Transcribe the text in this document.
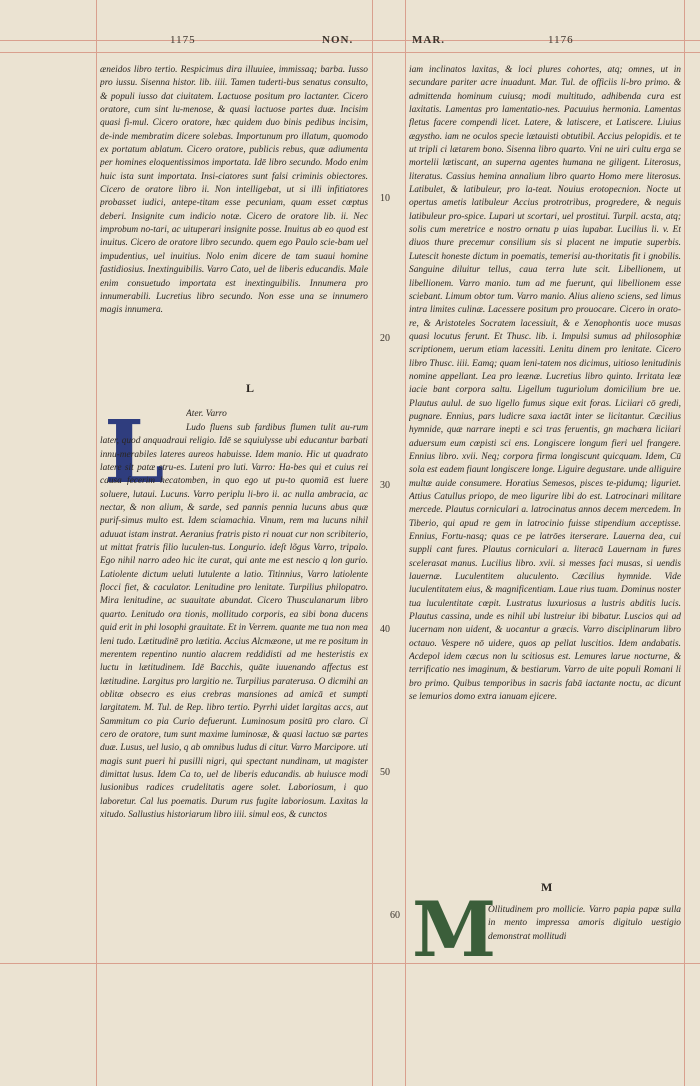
1175	NON.	MAR.	1176
10
20
30
40
50
60

æneidos libro tertio. Respicimus dira illuuiee, immissaq; barba. Iusso pro iussu. Sisenna histor. lib. iiii. Tamen tuderti-bus senatus consulto, & populi iusso dat ciuitatem. Lactuose positum pro lactanter. Cicero oratore, cum sint lu-menose, & quasi lactuose partes duæ. Incisim quasi fi-mul. Cicero oratore, hæc quidem duo binis pedibus incisim, de-inde membratim dicere solebas. Importunum pro illatum, quomodo ex portatum ablatum. Cicero oratore, publicis rebus, quæ adiumenta per homines eloquentissimos importata. Idē libro secundo. Modo enim huic ista sunt importata. Insi-ciatores sunt falsi criminis obiectores. Cicero de oratore libro ii. Non intelligebat, ut si illi infitiatores probasset iudici, antepe-titam esse pecuniam, quam esset cœptus deberi. Insignite cum indicio notæ. Cicero de oratore lib. ii. Nec improbum no-tari, ac uituperari insignite posse. Inuitus ab eo quod est inuitus. Cicero de oratore libro secundo. quem ego Paulo scie-bam uel impudentius, uel inuitius. Nolo enim dicere de tam suaui homine fastidiosius. Inextinguibilis. Varro Cato, uel de liberis educandis. Male enim consuetudo importata est inextinguibilis. Innumera pro innumerabili. Lucretius libro secundo. Non esse una se innumero magis innumera.

L
L Ater. Varro

Ludo fluens sub fardibus flumen tulit au-rum later, quod anquadraui religio. Idē se squiulysse ubi educantur barbati innu-merabiles lateres aureos habuisse. Idem manio. Hic ut quadrato latere sit patæ stru-es. Luteni pro luti. Varro: Ha-bes qui et cuius rei causa fecerim hecatomben, in quo ego ut pu-to quomiā est luere soluere, lutaui. Lucuns. Varro periplu li-bro ii. ac nulla ambracia, ac nectar, & non alium, & sarde, sed pannis pennia lucuns abus quæ purif-simus multo est. Idem sciamachia. Vinum, rem ma lucuns nihil aduuat istam instrat. Aeranius fratris pisto ri nouat cur non scribiterio, ut mittat fratris filio luculen-tus. Longurio. ideſt lõgus Varro, tripalo. Ego nihil narro adeo hic ite curat, qui ante me est nescio q lon gurio. Latiolente dictum ueluti lutulente a latio. Titinnius, Varro latiolente flocci fiet, & caculator. Lenitudine pro lenitate. Turpilius philopatro. Mira lenitudine, ac suauitate abundat. Cicero Thusculanarum libro quarto. Lenitudo ora tionis, mollitudo corporis, ea sibi bona ducens quid erit in phi losophi grauitate. Et in Verrem. quante me tua non mea leni tudo. Lætitudinē pro lætitia. Accius Alcmæone, ut me re positum in merentem repentino nuntio alacrem reddidisti ad me hesteristis ex luctu in lætitudinem. Idē Bacchis, quāte iuuenando affectus est lætitudine. Largitus pro largitio ne. Turpilius paraterusa. O dicmihi an oblitæ obsecro es eius crebras mansiones ad amicā et sumpti largitatem. M. Tul. de Rep. libro tertio. Pyrrhi uidet largitas accs, aut Sammitum co pia Curio defuerunt. Luminosum positū pro claro. Ci cero de oratore, tum sunt maxime luminosæ, & quasi lactuo sæ partes duæ. Lusus, uel lusio, q ab omnibus ludus di citur. Varro Marcipore. uti magis sunt pueri hi pusilli nigri, qui spectant nundinam, ut magister dimittat lusus. Idem Ca to, uel de liberis educandis. ab huiusce modi lusionibus radices crudelitatis agere solet. Laboriosum, i quo laboretur. Cal lus poematis. Durum rus fugite laboriosum. Laxitas la xitudo. Sallustius historiarum libro iiii. simul eos, & cunctos

iam inclinatos laxitas, & loci plures cohortes, atq; omnes, ut in secundare pariter acre inuadunt. Mar. Tul. de officiis li-bro primo. & admittenda hominum cuiusq; modi multitudo, adhibenda cura est laxitatis. Lamentas pro lamentatio-nes. Pacuuius hermonia. Lamentas fletus facere compendi licet. Latere, & latiscere, et Latiscere. Liuius ægystho. iam ne oculos specie lætauisti obtutibil. Accius pelopidis. et te ut tripli ci lætarem bono. Sisenna libro quarto. Vni ne uiri cultu erga se mortelii lætiscant, an superna agentes humana ne giligent. Literosus, literatus. Cassius hemina annalium libro quarto Homo mere literosus. Latibulet, & latibuleur, pro la-teat. Nouius erotopecnion. Nocte ut opertus ametis latibuleur Accius protrotribus, progredere, & neguis latibuleur pro-spice. Lupari ut scortari, uel prostitui. Turpil. acsta, atq; solis cum meretrice e nostro ornatu p uias lupabar. Lucilius li. v. Et diuos thure precemur consilium sis si placent ne imputie superbis. Lutescit honeste dictum in poematis, temerisi au-thoritatis fit i gnobilis. Sanguine diluitur tellus, caua terra lute scit. Libellionem, ut libellionem. Varro manio. tum ad me fuerunt, qui libellionem esse sciebant. Limum obtor tum. Varro manio. Alius alieno sciens, sed limus intra limites culinæ. Lacessere positum pro prouocare. Cicero in orato-re, & Aristoteles Socratem lacessiuit, & e Xenophontis uoce musas quasi locutus ferunt. Et Thusc. lib. i. Impulsi sumus ad philosophiæ scriptionem, uerum etiam lacessiti. Lenitu dinem pro lenitate. Cicero libro Thusc. iiii. Eamq; quam leni-tatem nos dicimus, uitioso lenitudinis nomine appellant. Lea pro leænæ. Lucretius libro quinto. Irritata leæ iacie bant corpora saltu. Ligellum tuguriolum domicilium bre ue. Plautus aulul. de suo ligello fumus sique exit foras. Liciiari cō gredi, pugnare. Ennius, pars ludicre saxa iactāt inter se licitantur. Cæcilius hymnide, quæ narrare inepti e sci tras feruentis, gn machæra liciiari aduersum eum cœpisti sci ens. Longiscere longum fieri uel frangere. Ennius libro. xvii. Neq; corpora firma longiscunt quicquam. Idem, Cū sola est eadem fiaunt longiscere longe. Liguire degustare. unde alliguire multæ auide consumere. Horatius Semesos, pisces te-pidumq; liguriet. Attius Catullus priopo, de meo ligurire libi do est. Latrocinari militare mercede. Plautus corniculari a. latrocinatus annos decem mercedem. In Tiberio, qui apud re gem in latrocinio fuisse stipendium acceptisse. Ennius, Fortu-nasq; quas ce pe latrōes iterserare. Lauerna dea, cui suppli cant fures. Plautus corniculari a. literacā Lauernam in fures scelerasat manus. Lucilius libro. xvii. si messes faci musas, si uendis lauernæ. Luculentitem aluculento. Cæcilius hymnide. Vide luculentitatem eius, & magnificentiam. Laue rius tuam. Dominus noster tua luculentitate cœpit. Lustratus luxuriosus a lustris abditis lucis. Plautus cassina, unde es nihil ubi lustreiur ibi bibatur. Luscios qui ad lucernam non uident, & uocantur a græcis. Varro disciplinarum libro octauo. Vespere nō uidere, quos ap pellat luscitios. Idem andabatis. Acdepol idem cæcus non lu scitiosus est. Lemures larue nocturne, & terrificatio nes imaginum, & bestiarum. Varro de uite populi Romani li bro primo. Quibus temporibus in sacris fabā iactante noctu, ac dicunt se lemurios domo extra ianuam ejicere.

M
M

Ollitudinem pro mollicie. Varro papia papæ sulla in mento impressa amoris digitulo uestigio demonstrat mollitudi
